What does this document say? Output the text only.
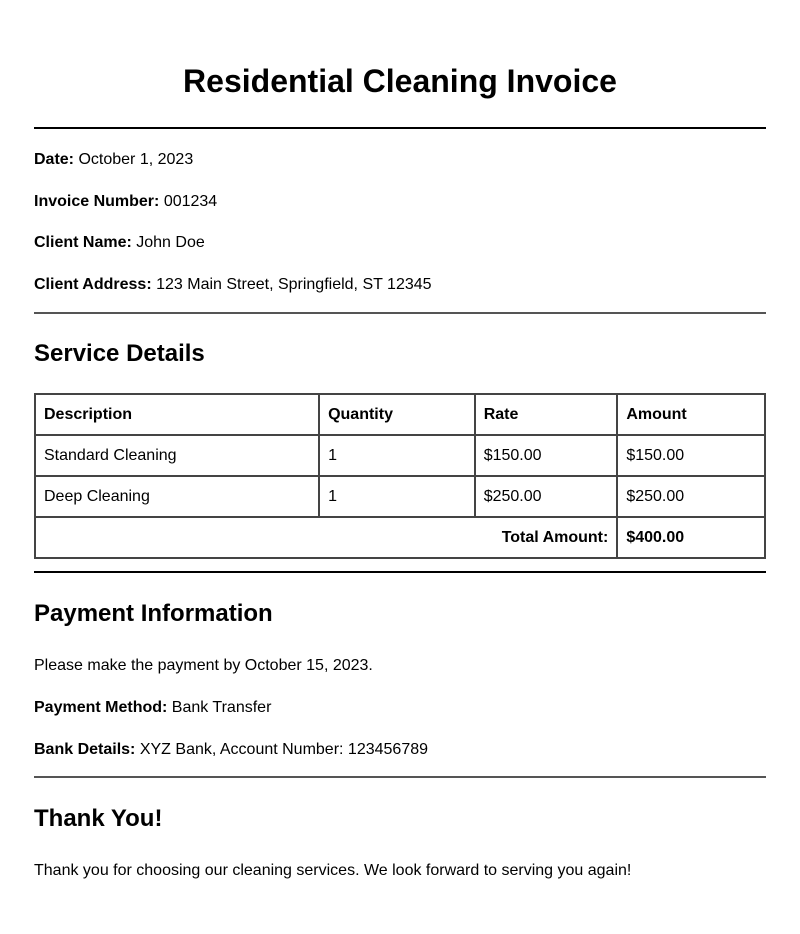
Residential Cleaning Invoice
Date: October 1, 2023
Invoice Number: 001234
Client Name: John Doe
Client Address: 123 Main Street, Springfield, ST 12345
Service Details
Description	Quantity	Rate	Amount
Standard Cleaning	1	$150.00	$150.00
Deep Cleaning	1	$250.00	$250.00
Total Amount:			$400.00
Payment Information
Please make the payment by October 15, 2023.
Payment Method: Bank Transfer
Bank Details: XYZ Bank, Account Number: 123456789
Thank You!
Thank you for choosing our cleaning services. We look forward to serving you again!
